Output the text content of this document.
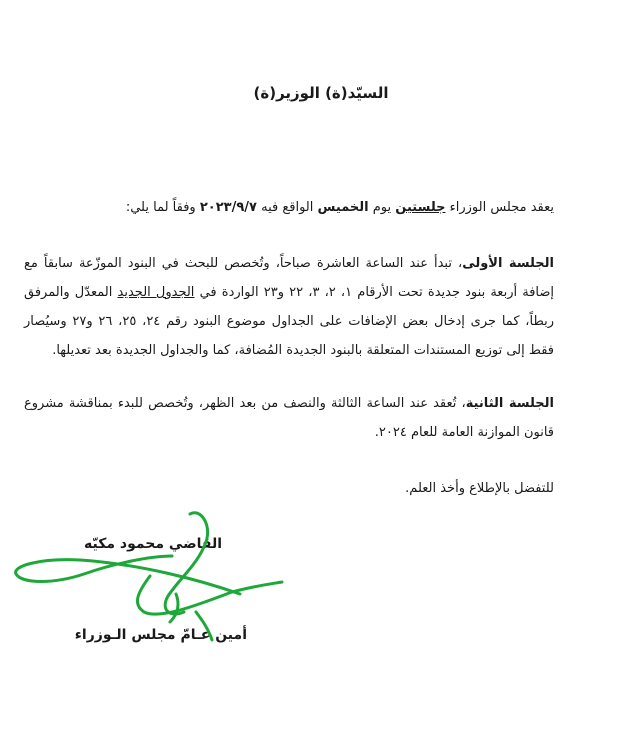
السيّد(ة) الوزير(ة)
يعقد مجلس الوزراء جلستين يوم الخميس الواقع فيه ٢٠٢٣/٩/٧ وفقاً لما يلي:
الجلسة الأولى، تبدأ عند الساعة العاشرة صباحاً، وتُخصص للبحث في البنود الموزّعة سابقاً مع إضافة أربعة بنود جديدة تحت الأرقام ١، ٢، ٣، ٢٢ و٢٣ الواردة في الجدول الجديد المعدّل والمرفق ربطاً، كما جرى إدخال بعض الإضافات على الجداول موضوع البنود رقم ٢٤، ٢٥، ٢٦ و٢٧ وسيُصار فقط إلى توزيع المستندات المتعلقة بالبنود الجديدة المُضافة، كما والجداول الجديدة بعد تعديلها.
الجلسة الثانية، تُعقد عند الساعة الثالثة والنصف من بعد الظهر، وتُخصص للبدء بمناقشة مشروع قانون الموازنة العامة للعام ٢٠٢٤.
للتفضل بالإطلاع وأخذ العلم.
القاضي محمود مكيّه
أمين عـامّ مجلس الـوزراء
